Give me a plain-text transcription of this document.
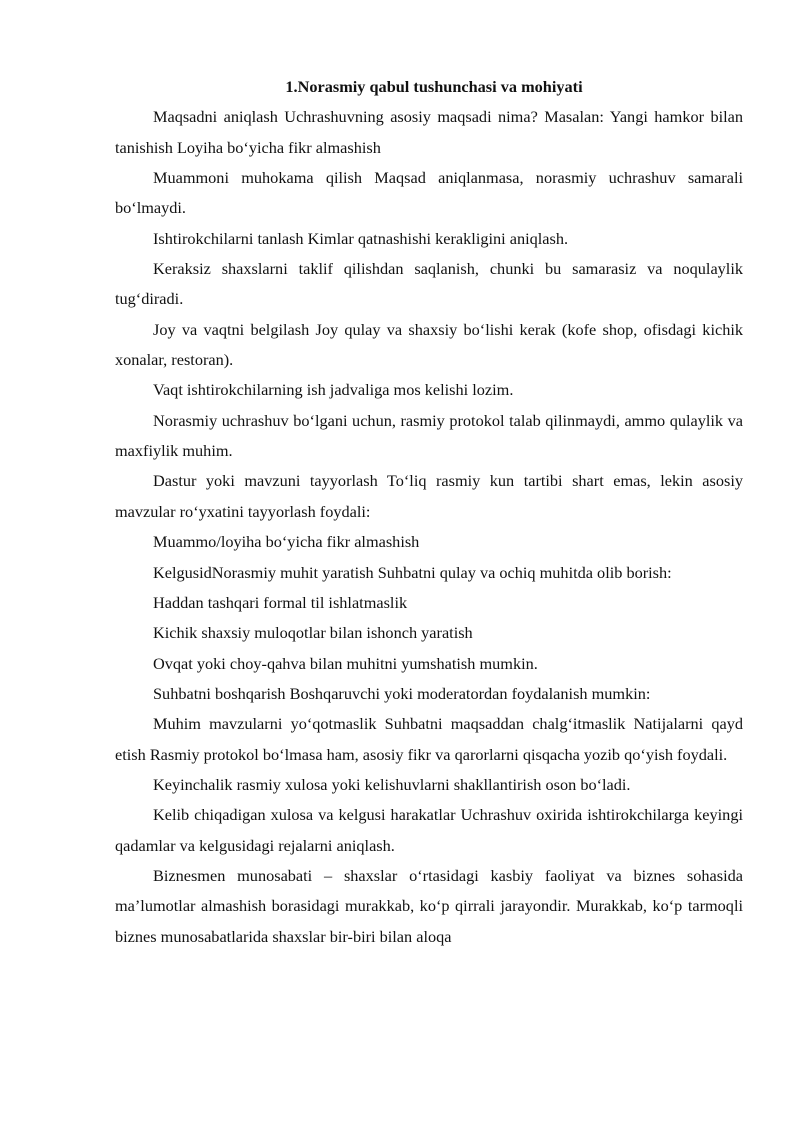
1.Norasmiy qabul tushunchasi va mohiyati

Maqsadni aniqlash Uchrashuvning asosiy maqsadi nima? Masalan: Yangi hamkor bilan tanishish Loyiha bo‘yicha fikr almashish

Muammoni muhokama qilish Maqsad aniqlanmasa, norasmiy uchrashuv samarali bo‘lmaydi.

Ishtirokchilarni tanlash Kimlar qatnashishi kerakligini aniqlash.

Keraksiz shaxslarni taklif qilishdan saqlanish, chunki bu samarasiz va noqulaylik tug‘diradi.

Joy va vaqtni belgilash Joy qulay va shaxsiy bo‘lishi kerak (kofe shop, ofisdagi kichik xonalar, restoran).

Vaqt ishtirokchilarning ish jadvaliga mos kelishi lozim.

Norasmiy uchrashuv bo‘lgani uchun, rasmiy protokol talab qilinmaydi, ammo qulaylik va maxfiylik muhim.

Dastur yoki mavzuni tayyorlash To‘liq rasmiy kun tartibi shart emas, lekin asosiy mavzular ro‘yxatini tayyorlash foydali:

Muammo/loyiha bo‘yicha fikr almashish

KelgusidNorasmiy muhit yaratish Suhbatni qulay va ochiq muhitda olib borish:

Haddan tashqari formal til ishlatmaslik

Kichik shaxsiy muloqotlar bilan ishonch yaratish

Ovqat yoki choy-qahva bilan muhitni yumshatish mumkin.

Suhbatni boshqarish Boshqaruvchi yoki moderatordan foydalanish mumkin:

Muhim mavzularni yo‘qotmaslik Suhbatni maqsaddan chalg‘itmaslik Natijalarni qayd etish Rasmiy protokol bo‘lmasa ham, asosiy fikr va qarorlarni qisqacha yozib qo‘yish foydali.

Keyinchalik rasmiy xulosa yoki kelishuvlarni shakllantirish oson bo‘ladi.

Kelib chiqadigan xulosa va kelgusi harakatlar Uchrashuv oxirida ishtirokchilarga keyingi qadamlar va kelgusidagi rejalarni aniqlash.

Biznesmen munosabati – shaxslar o‘rtasidagi kasbiy faoliyat va biznes sohasida ma’lumotlar almashish borasidagi murakkab, ko‘p qirrali jarayondir. Murakkab, ko‘p tarmoqli biznes munosabatlarida shaxslar bir-biri bilan aloqa
